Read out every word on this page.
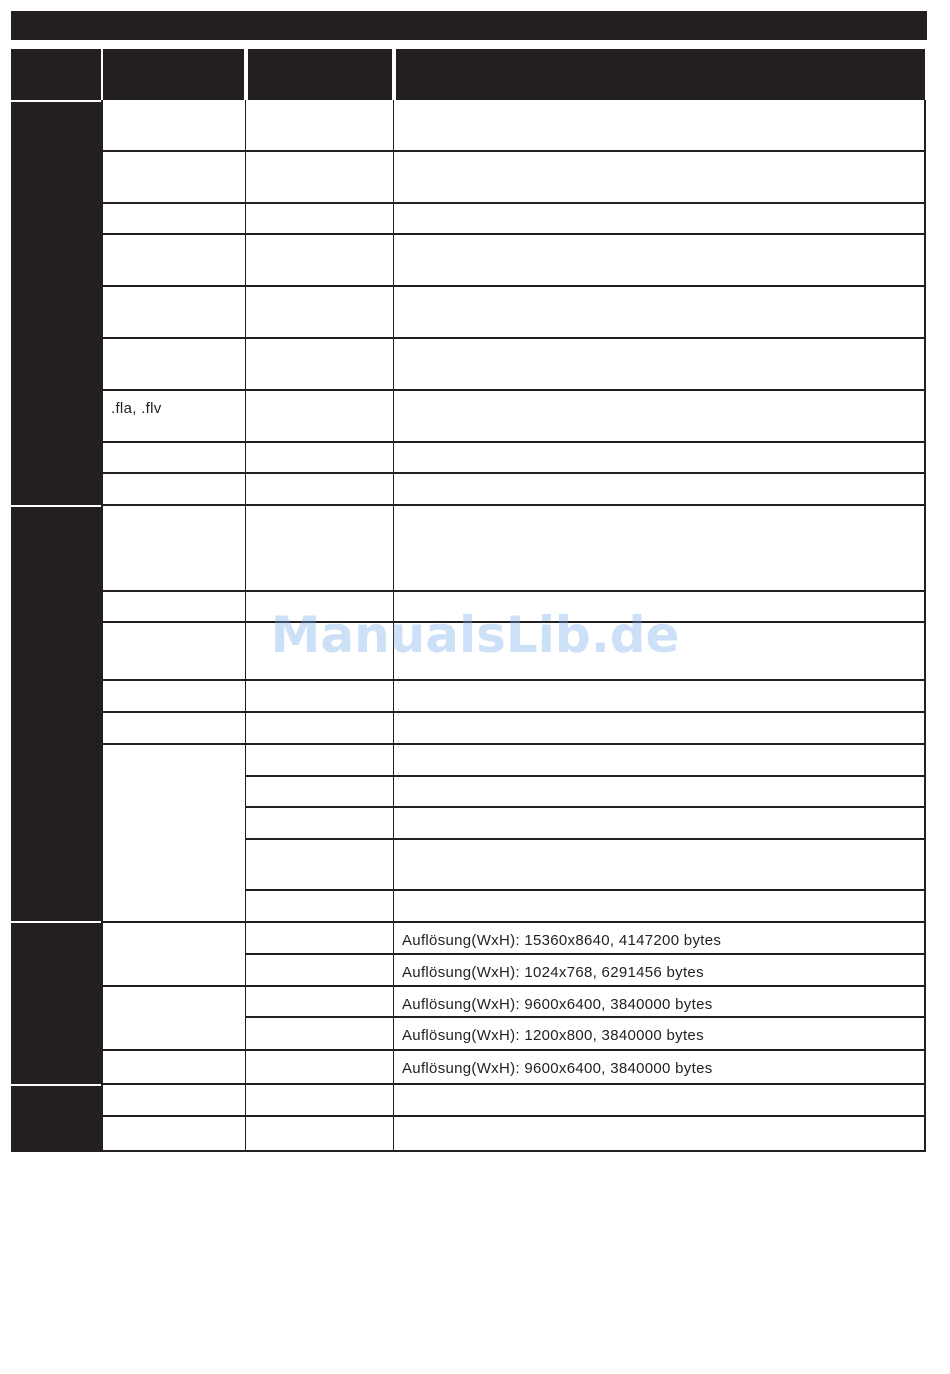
.fla, .flv
Auflösung(WxH): 15360x8640, 4147200 bytes
Auflösung(WxH): 1024x768, 6291456 bytes
Auflösung(WxH): 9600x6400, 3840000 bytes
Auflösung(WxH): 1200x800, 3840000 bytes
Auflösung(WxH): 9600x6400, 3840000 bytes
ManualsLib.de
